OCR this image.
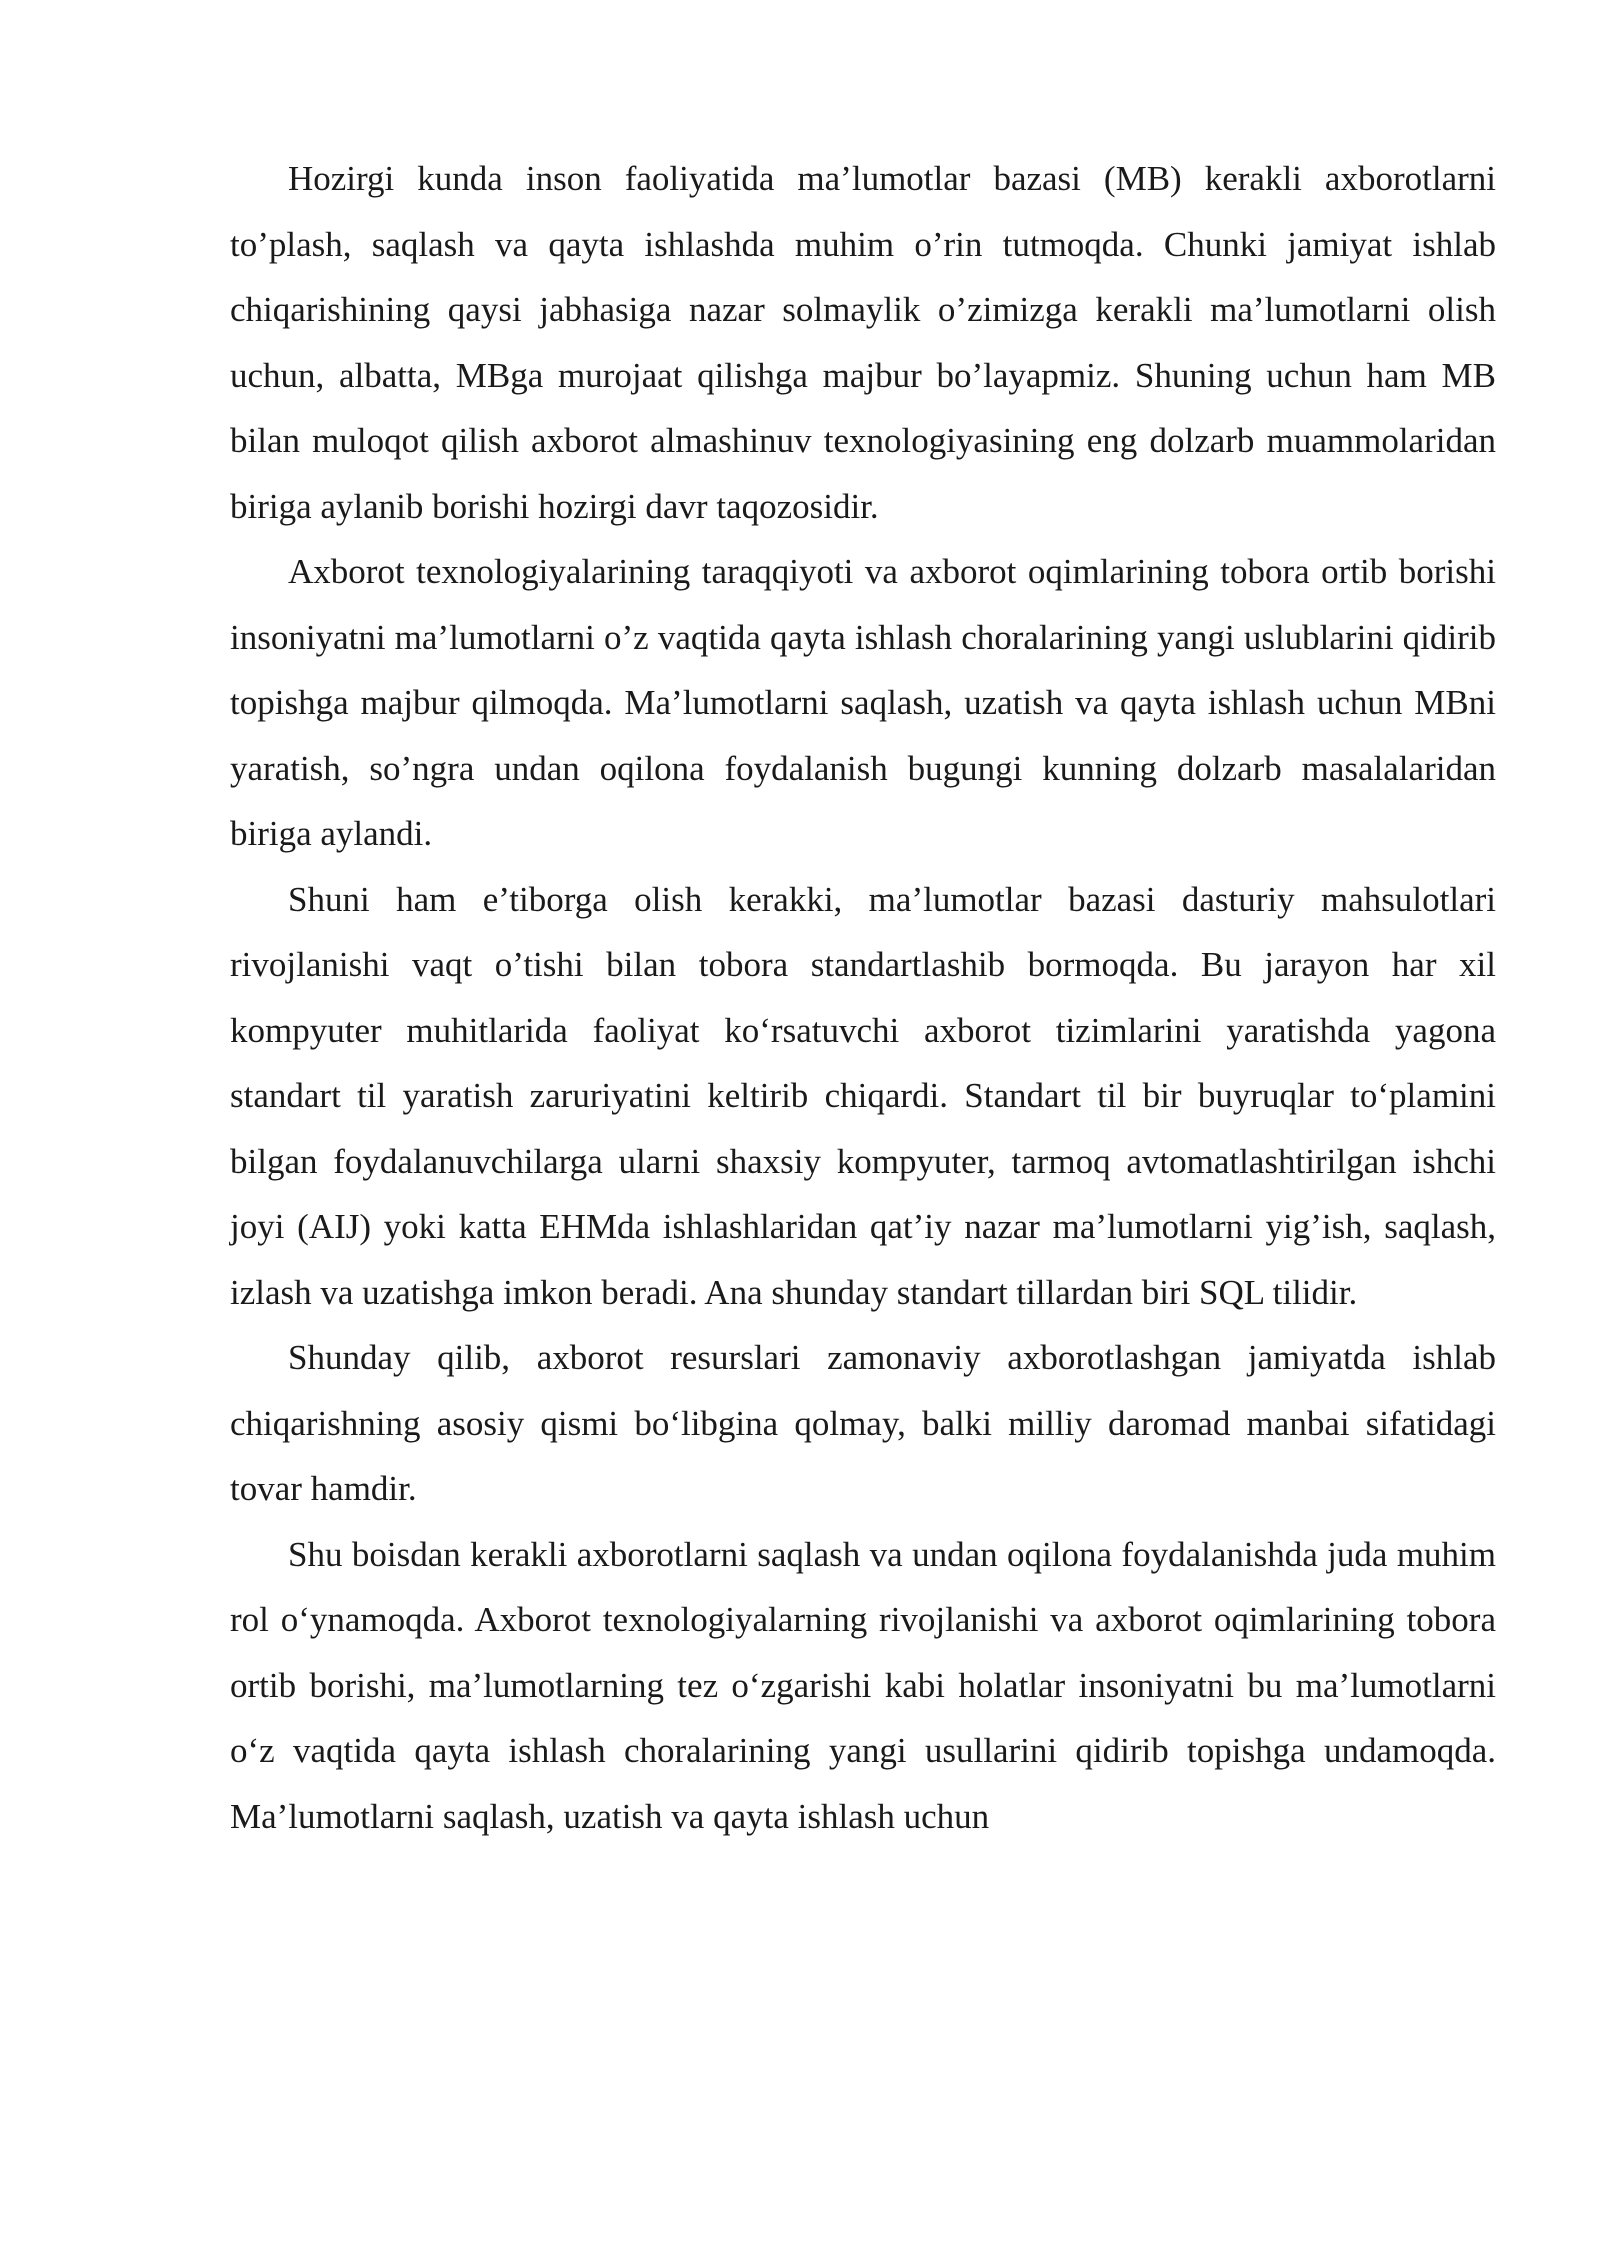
Hozirgi kunda inson faoliyatida ma’lumotlar bazasi (MB) kerakli axborotlarni to’plash, saqlash va qayta ishlashda muhim o’rin tutmoqda. Chunki jamiyat ishlab chiqarishining qaysi jabhasiga nazar solmaylik o’zimizga kerakli ma’lumotlarni olish uchun, albatta, MBga murojaat qilishga majbur bo’layapmiz. Shuning uchun ham MB bilan muloqot qilish axborot almashinuv texnologiyasining eng dolzarb muammolaridan biriga aylanib borishi hozirgi davr taqozosidir.

Axborot texnologiyalarining taraqqiyoti va axborot oqimlarining tobora ortib borishi insoniyatni ma’lumotlarni o’z vaqtida qayta ishlash choralarining yangi uslublarini qidirib topishga majbur qilmoqda. Ma’lumotlarni saqlash, uzatish va qayta ishlash uchun MBni yaratish, so’ngra undan oqilona foydalanish bugungi kunning dolzarb masalalaridan biriga aylandi.

Shuni ham e’tiborga olish kerakki, ma’lumotlar bazasi dasturiy mahsulotlari rivojlanishi vaqt o’tishi bilan tobora standartlashib bormoqda. Bu jarayon har xil kompyuter muhitlarida faoliyat ko‘rsatuvchi axborot tizimlarini yaratishda yagona standart til yaratish zaruriyatini keltirib chiqardi. Standart til bir buyruqlar to‘plamini bilgan foydalanuvchilarga ularni shaxsiy kompyuter, tarmoq avtomatlashtirilgan ishchi joyi (AIJ) yoki katta EHMda ishlashlaridan qat’iy nazar ma’lumotlarni yig’ish, saqlash, izlash va uzatishga imkon beradi. Ana shunday standart tillardan biri SQL tilidir.

Shunday qilib, axborot resurslari zamonaviy axborotlashgan jamiyatda ishlab chiqarishning asosiy qismi bo‘libgina qolmay, balki milliy daromad manbai sifatidagi tovar hamdir.

Shu boisdan kerakli axborotlarni saqlash va undan oqilona foydalanishda juda muhim rol o‘ynamoqda. Axborot texnologiyalarning rivojlanishi va axborot oqimlarining tobora ortib borishi, ma’lumotlarning tez o‘zgarishi kabi holatlar insoniyatni bu ma’lumotlarni o‘z vaqtida qayta ishlash choralarining yangi usullarini qidirib topishga undamoqda. Ma’lumotlarni saqlash, uzatish va qayta ishlash uchun
